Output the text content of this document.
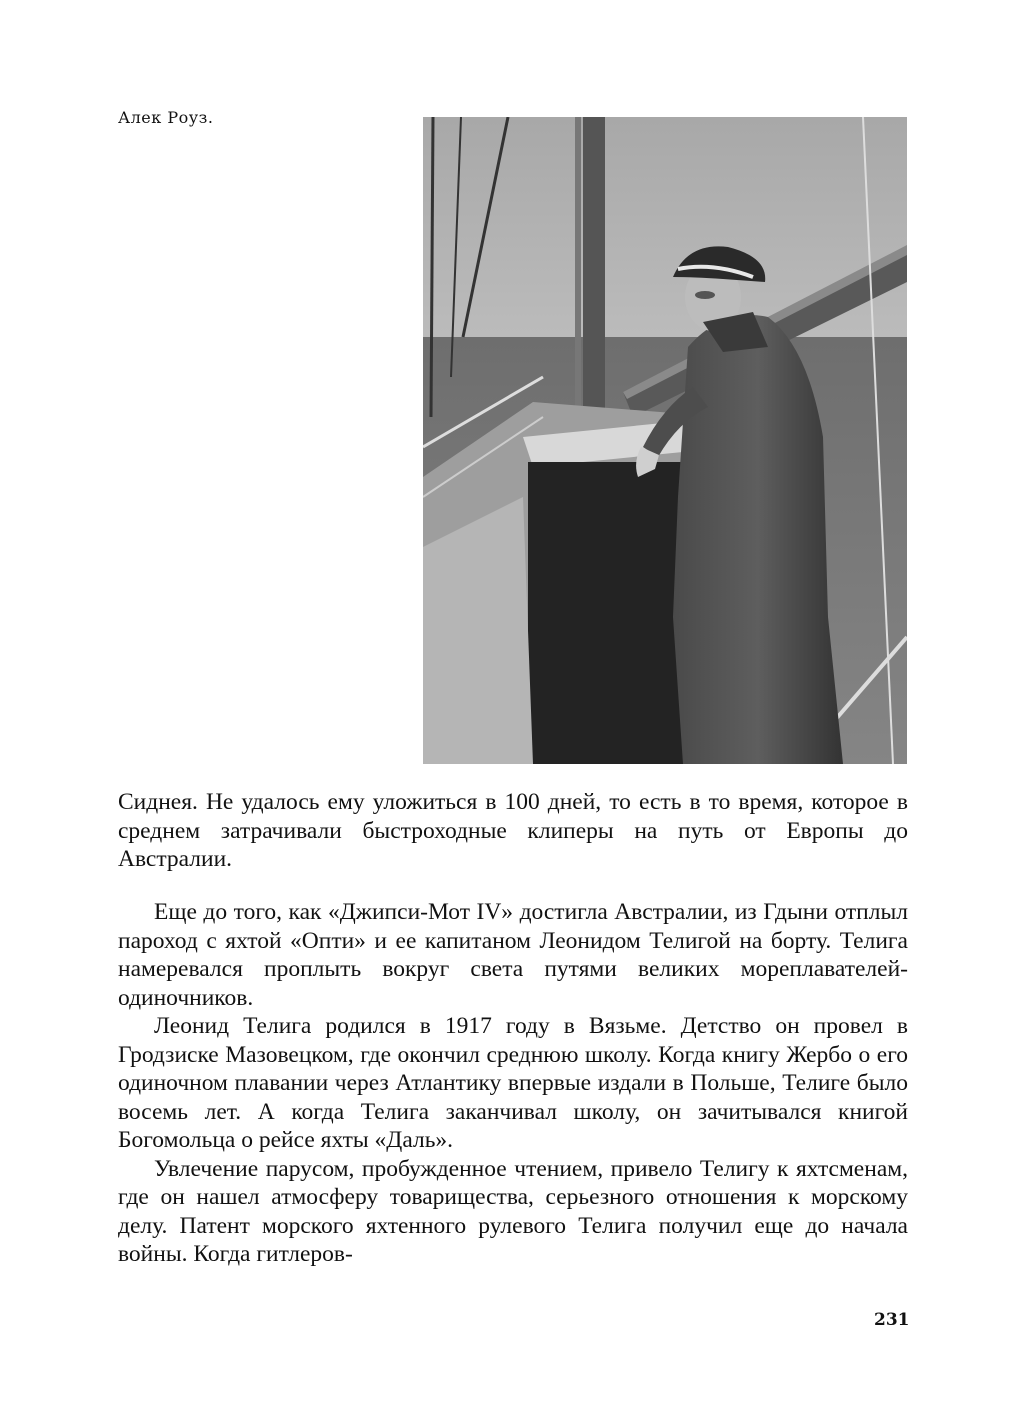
Алек Роуз.

Сиднея. Не удалось ему уложиться в 100 дней, то есть в то время, которое в среднем затрачивали быстроходные клиперы на путь от Европы до Австралии.

Еще до того, как «Джипси-Мот IV» достигла Австралии, из Гдыни отплыл пароход с яхтой «Опти» и ее капитаном Леонидом Телигой на борту. Телига намеревался проплыть вокруг света путями великих мореплавателей-одиночников.

Леонид Телига родился в 1917 году в Вязьме. Детство он провел в Гродзиске Мазовецком, где окончил среднюю школу. Когда книгу Жербо о его одиночном плавании через Атлантику впервые издали в Польше, Телиге было восемь лет. А когда Телига заканчивал школу, он зачитывался книгой Богомольца о рейсе яхты «Даль».

Увлечение парусом, пробужденное чтением, привело Телигу к яхтсменам, где он нашел атмосферу товарищества, серьезного отношения к морскому делу. Патент морского яхтенного рулевого Телига получил еще до начала войны. Когда гитлеров-

231
